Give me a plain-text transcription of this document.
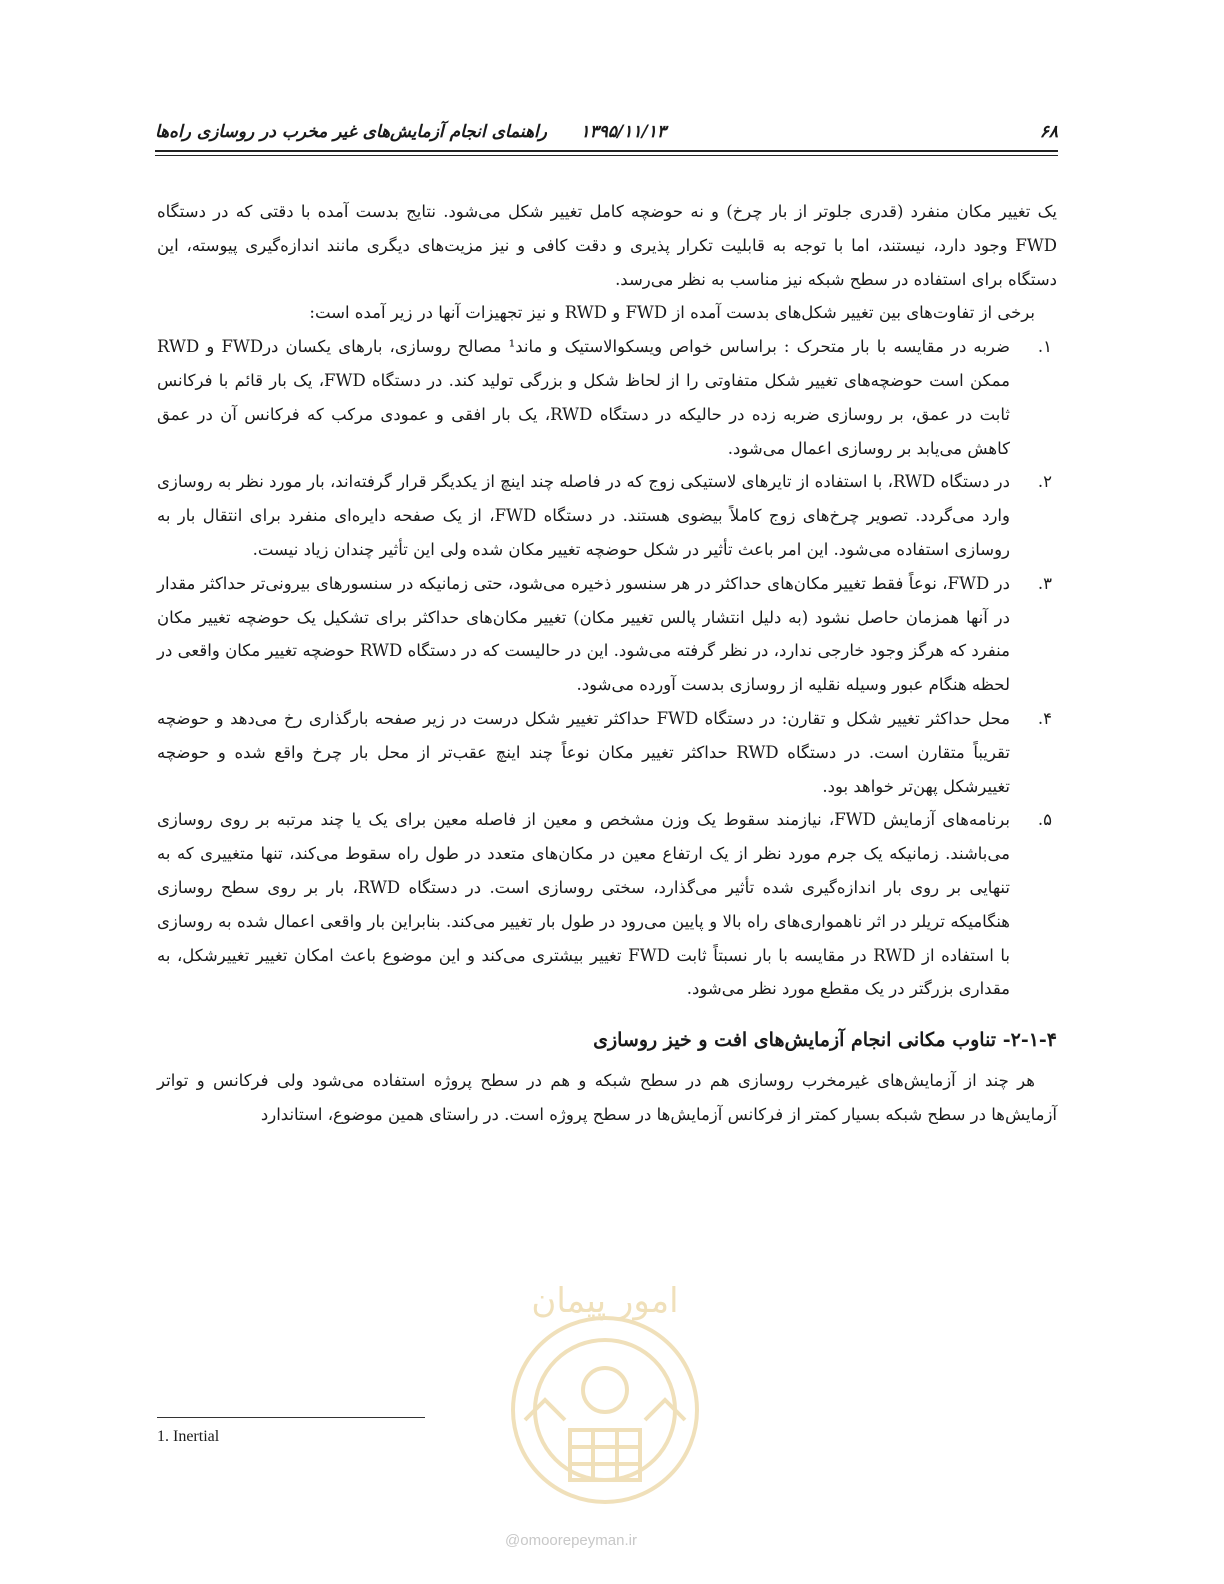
۶۸
۱۳۹۵/۱۱/۱۳
راهنمای انجام آزمایش‌های غیر مخرب در روسازی راه‌ها

یک تغییر مکان منفرد (قدری جلوتر از بار چرخ) و نه حوضچه کامل تغییر شکل می‌شود. نتایج بدست آمده با دقتی که در دستگاه FWD وجود دارد، نیستند، اما با توجه به قابلیت تکرار پذیری و دقت کافی و نیز مزیت‌های دیگری مانند اندازه‌گیری پیوسته، این دستگاه برای استفاده در سطح شبکه نیز مناسب به نظر می‌رسد.

برخی از تفاوت‌های بین تغییر شکل‌های بدست آمده از FWD و RWD و نیز تجهیزات آنها در زیر آمده است:

۱.
ضربه در مقایسه با بار متحرک : براساس خواص ویسکوالاستیک و ماند¹ مصالح روسازی، بارهای یکسان درFWD و RWD ممکن است حوضچه‌های تغییر شکل متفاوتی را از لحاظ شکل و بزرگی تولید کند. در دستگاه FWD، یک بار قائم با فرکانس ثابت در عمق، بر روسازی ضربه زده در حالیکه در دستگاه RWD، یک بار افقی و عمودی مرکب که فرکانس آن در عمق کاهش می‌یابد بر روسازی اعمال می‌شود.
۲.
در دستگاه RWD، با استفاده از تایرهای لاستیکی زوج که در فاصله چند اینچ از یکدیگر قرار گرفته‌اند، بار مورد نظر به روسازی وارد می‌گردد. تصویر چرخ‌های زوج کاملاً بیضوی هستند. در دستگاه FWD، از یک صفحه دایره‌ای منفرد برای انتقال بار به روسازی استفاده می‌شود. این امر باعث تأثیر در شکل حوضچه تغییر مکان شده ولی این تأثیر چندان زیاد نیست.
۳.
در FWD، نوعاً فقط تغییر مکان‌های حداکثر در هر سنسور ذخیره می‌شود، حتی زمانیکه در سنسورهای بیرونی‌تر حداکثر مقدار در آنها همزمان حاصل نشود (به دلیل انتشار پالس تغییر مکان) تغییر مکان‌های حداکثر برای تشکیل یک حوضچه تغییر مکان منفرد که هرگز وجود خارجی ندارد، در نظر گرفته می‌شود. این در حالیست که در دستگاه RWD حوضچه تغییر مکان واقعی در لحظه هنگام عبور وسیله نقلیه از روسازی بدست آورده می‌شود.
۴.
محل حداکثر تغییر شکل و تقارن: در دستگاه FWD حداکثر تغییر شکل درست در زیر صفحه بارگذاری رخ می‌دهد و حوضچه تقریباً متقارن است. در دستگاه RWD حداکثر تغییر مکان نوعاً چند اینچ عقب‌تر از محل بار چرخ واقع شده و حوضچه تغییرشکل پهن‌تر خواهد بود.
۵.
برنامه‌های آزمایش FWD، نیازمند سقوط یک وزن مشخص و معین از فاصله معین برای یک یا چند مرتبه بر روی روسازی می‌باشند. زمانیکه یک جرم مورد نظر از یک ارتفاع معین در مکان‌های متعدد در طول راه سقوط می‌کند، تنها متغییری که به تنهایی بر روی بار اندازه‌گیری شده تأثیر می‌گذارد، سختی روسازی است. در دستگاه RWD، بار بر روی سطح روسازی هنگامیکه تریلر در اثر ناهمواری‌های راه بالا و پایین می‌رود در طول بار تغییر می‌کند. بنابراین بار واقعی اعمال شده به روسازی با استفاده از RWD در مقایسه با بار نسبتاً ثابت FWD تغییر بیشتری می‌کند و این موضوع باعث امکان تغییر تغییرشکل، به مقداری بزرگتر در یک مقطع مورد نظر می‌شود.
۲-۱-۴- تناوب مکانی انجام آزمایش‌های افت و خیز روسازی

هر چند از آزمایش‌های غیرمخرب روسازی هم در سطح شبکه و هم در سطح پروژه استفاده می‌شود ولی فرکانس و تواتر آزمایش‌ها در سطح شبکه بسیار کمتر از فرکانس آزمایش‌ها در سطح پروژه است. در راستای همین موضوع، استاندارد

1. Inertial
امور پیمان
@omoorepeyman.ir
